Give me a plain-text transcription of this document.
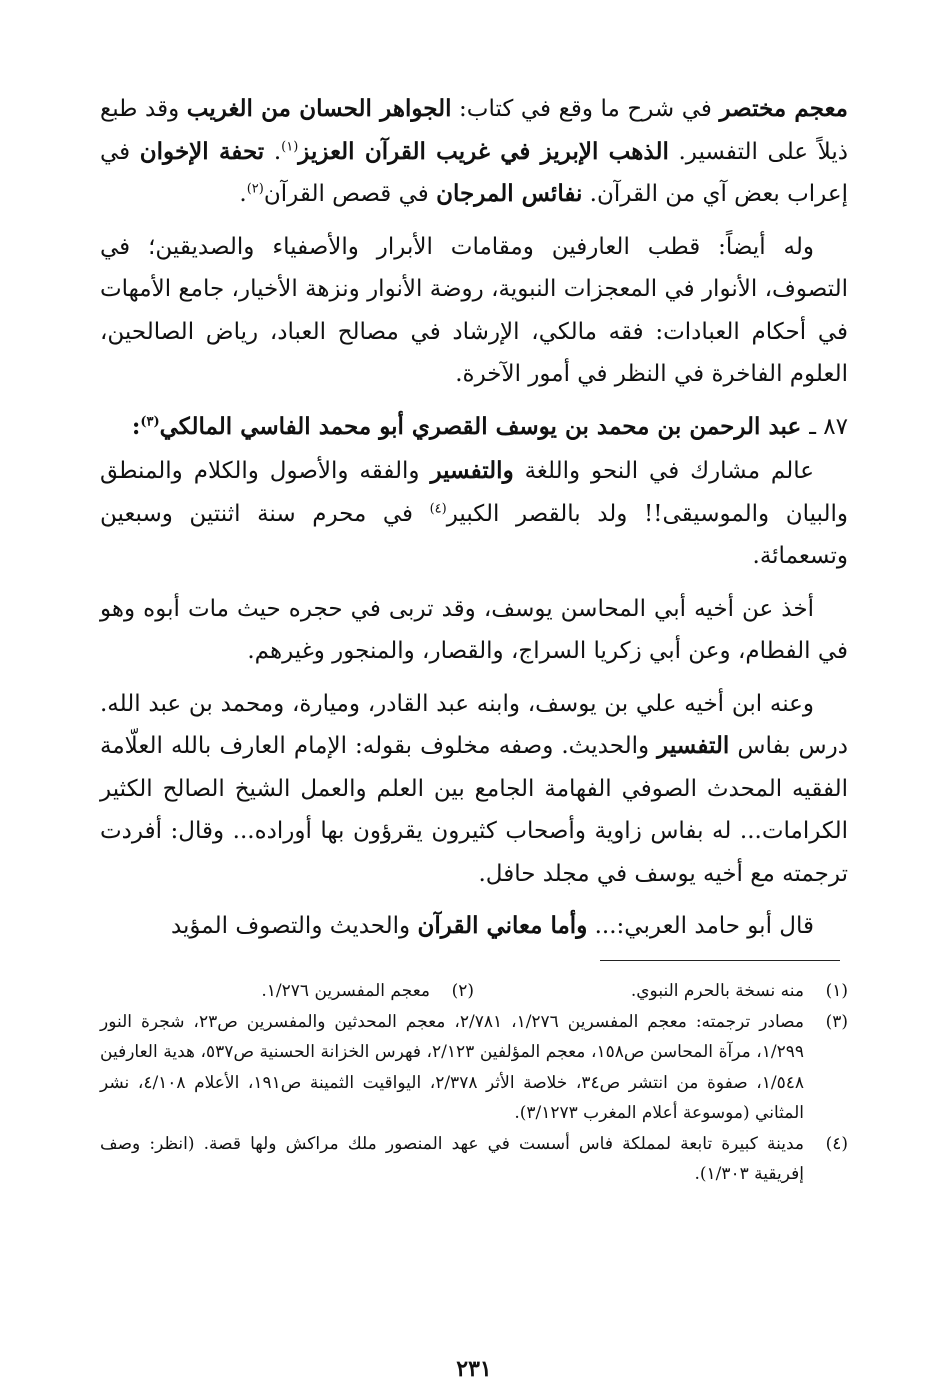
معجم مختصر في شرح ما وقع في كتاب: الجواهر الحسان من الغريب وقد طبع ذيلاً على التفسير. الذهب الإبريز في غريب القرآن العزيز$^{(١)}$. تحفة الإخوان في إعراب بعض آي من القرآن. نفائس المرجان في قصص القرآن$^{(٢)}$.

وله أيضاً: قطب العارفين ومقامات الأبرار والأصفياء والصديقين؛ في التصوف، الأنوار في المعجزات النبوية، روضة الأنوار ونزهة الأخيار، جامع الأمهات في أحكام العبادات: فقه مالكي، الإرشاد في مصالح العباد، رياض الصالحين، العلوم الفاخرة في النظر في أمور الآخرة.

٨٧ ـ عبد الرحمن بن محمد بن يوسف القصري أبو محمد الفاسي المالكي$^{(٣)}$:

عالم مشارك في النحو واللغة والتفسير والفقه والأصول والكلام والمنطق والبيان والموسيقى!! ولد بالقصر الكبير$^{(٤)}$ في محرم سنة اثنتين وسبعين وتسعمائة.

أخذ عن أخيه أبي المحاسن يوسف، وقد تربى في حجره حيث مات أبوه وهو في الفطام، وعن أبي زكريا السراج، والقصار، والمنجور وغيرهم.

وعنه ابن أخيه علي بن يوسف، وابنه عبد القادر، وميارة، ومحمد بن عبد الله. درس بفاس التفسير والحديث. وصفه مخلوف بقوله: الإمام العارف بالله العلّامة الفقيه المحدث الصوفي الفهامة الجامع بين العلم والعمل الشيخ الصالح الكثير الكرامات... له بفاس زاوية وأصحاب كثيرون يقرؤون بها أوراده... وقال: أفردت ترجمته مع أخيه يوسف في مجلد حافل.

قال أبو حامد العربي:... وأما معاني القرآن والحديث والتصوف المؤيد

(١)
منه نسخة بالحرم النبوي.
(٢)
معجم المفسرين ١/٢٧٦.
(٣)
مصادر ترجمته: معجم المفسرين ١/٢٧٦، ٢/٧٨١، معجم المحدثين والمفسرين ص٢٣، شجرة النور ١/٢٩٩، مرآة المحاسن ص١٥٨، معجم المؤلفين ٢/١٢٣، فهرس الخزانة الحسنية ص٥٣٧، هدية العارفين ١/٥٤٨، صفوة من انتشر ص٣٤، خلاصة الأثر ٢/٣٧٨، اليواقيت الثمينة ص١٩١، الأعلام ٤/١٠٨، نشر المثاني (موسوعة أعلام المغرب ٣/١٢٧٣).
(٤)
مدينة كبيرة تابعة لمملكة فاس أسست في عهد المنصور ملك مراكش ولها قصة. (انظر: وصف إفريقية ١/٣٠٣).
٢٣١
